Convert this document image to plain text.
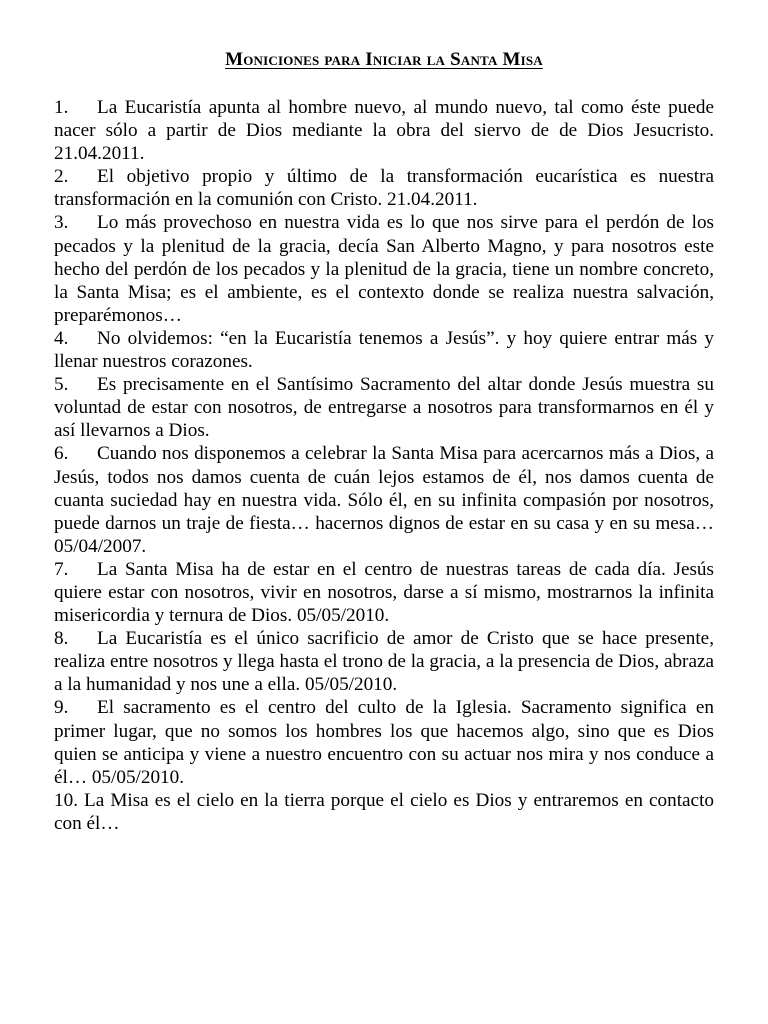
Moniciones para Iniciar la Santa Misa

1. La Eucaristía apunta al hombre nuevo, al mundo nuevo, tal como éste puede nacer sólo a partir de Dios mediante la obra del siervo de de Dios Jesucristo. 21.04.2011.

2. El objetivo propio y último de la transformación eucarística es nuestra transformación en la comunión con Cristo. 21.04.2011.

3. Lo más provechoso en nuestra vida es lo que nos sirve para el perdón de los pecados y la plenitud de la gracia, decía San Alberto Magno, y para nosotros este hecho del perdón de los pecados y la plenitud de la gracia, tiene un nombre concreto, la Santa Misa; es el ambiente, es el contexto donde se realiza nuestra salvación, preparémonos…

4. No olvidemos: “en la Eucaristía tenemos a Jesús”. y hoy quiere entrar más y llenar nuestros corazones.

5. Es precisamente en el Santísimo Sacramento del altar donde Jesús muestra su voluntad de estar con nosotros, de entregarse a nosotros para transformarnos en él y así llevarnos a Dios.

6. Cuando nos disponemos a celebrar la Santa Misa para acercarnos más a Dios, a Jesús, todos nos damos cuenta de cuán lejos estamos de él, nos damos cuenta de cuanta suciedad hay en nuestra vida. Sólo él, en su infinita compasión por nosotros, puede darnos un traje de fiesta… hacernos dignos de estar en su casa y en su mesa…05/04/2007.

7. La Santa Misa ha de estar en el centro de nuestras tareas de cada día. Jesús quiere estar con nosotros, vivir en nosotros, darse a sí mismo, mostrarnos la infinita misericordia y ternura de Dios. 05/05/2010.

8. La Eucaristía es el único sacrificio de amor de Cristo que se hace presente, realiza entre nosotros y llega hasta el trono de la gracia, a la presencia de Dios, abraza a la humanidad y nos une a ella. 05/05/2010.

9. El sacramento es el centro del culto de la Iglesia. Sacramento significa en primer lugar, que no somos los hombres los que hacemos algo, sino que es Dios quien se anticipa y viene a nuestro encuentro con su actuar nos mira y nos conduce a él… 05/05/2010.

10. La Misa es el cielo en la tierra porque el cielo es Dios y entraremos en contacto con él…
